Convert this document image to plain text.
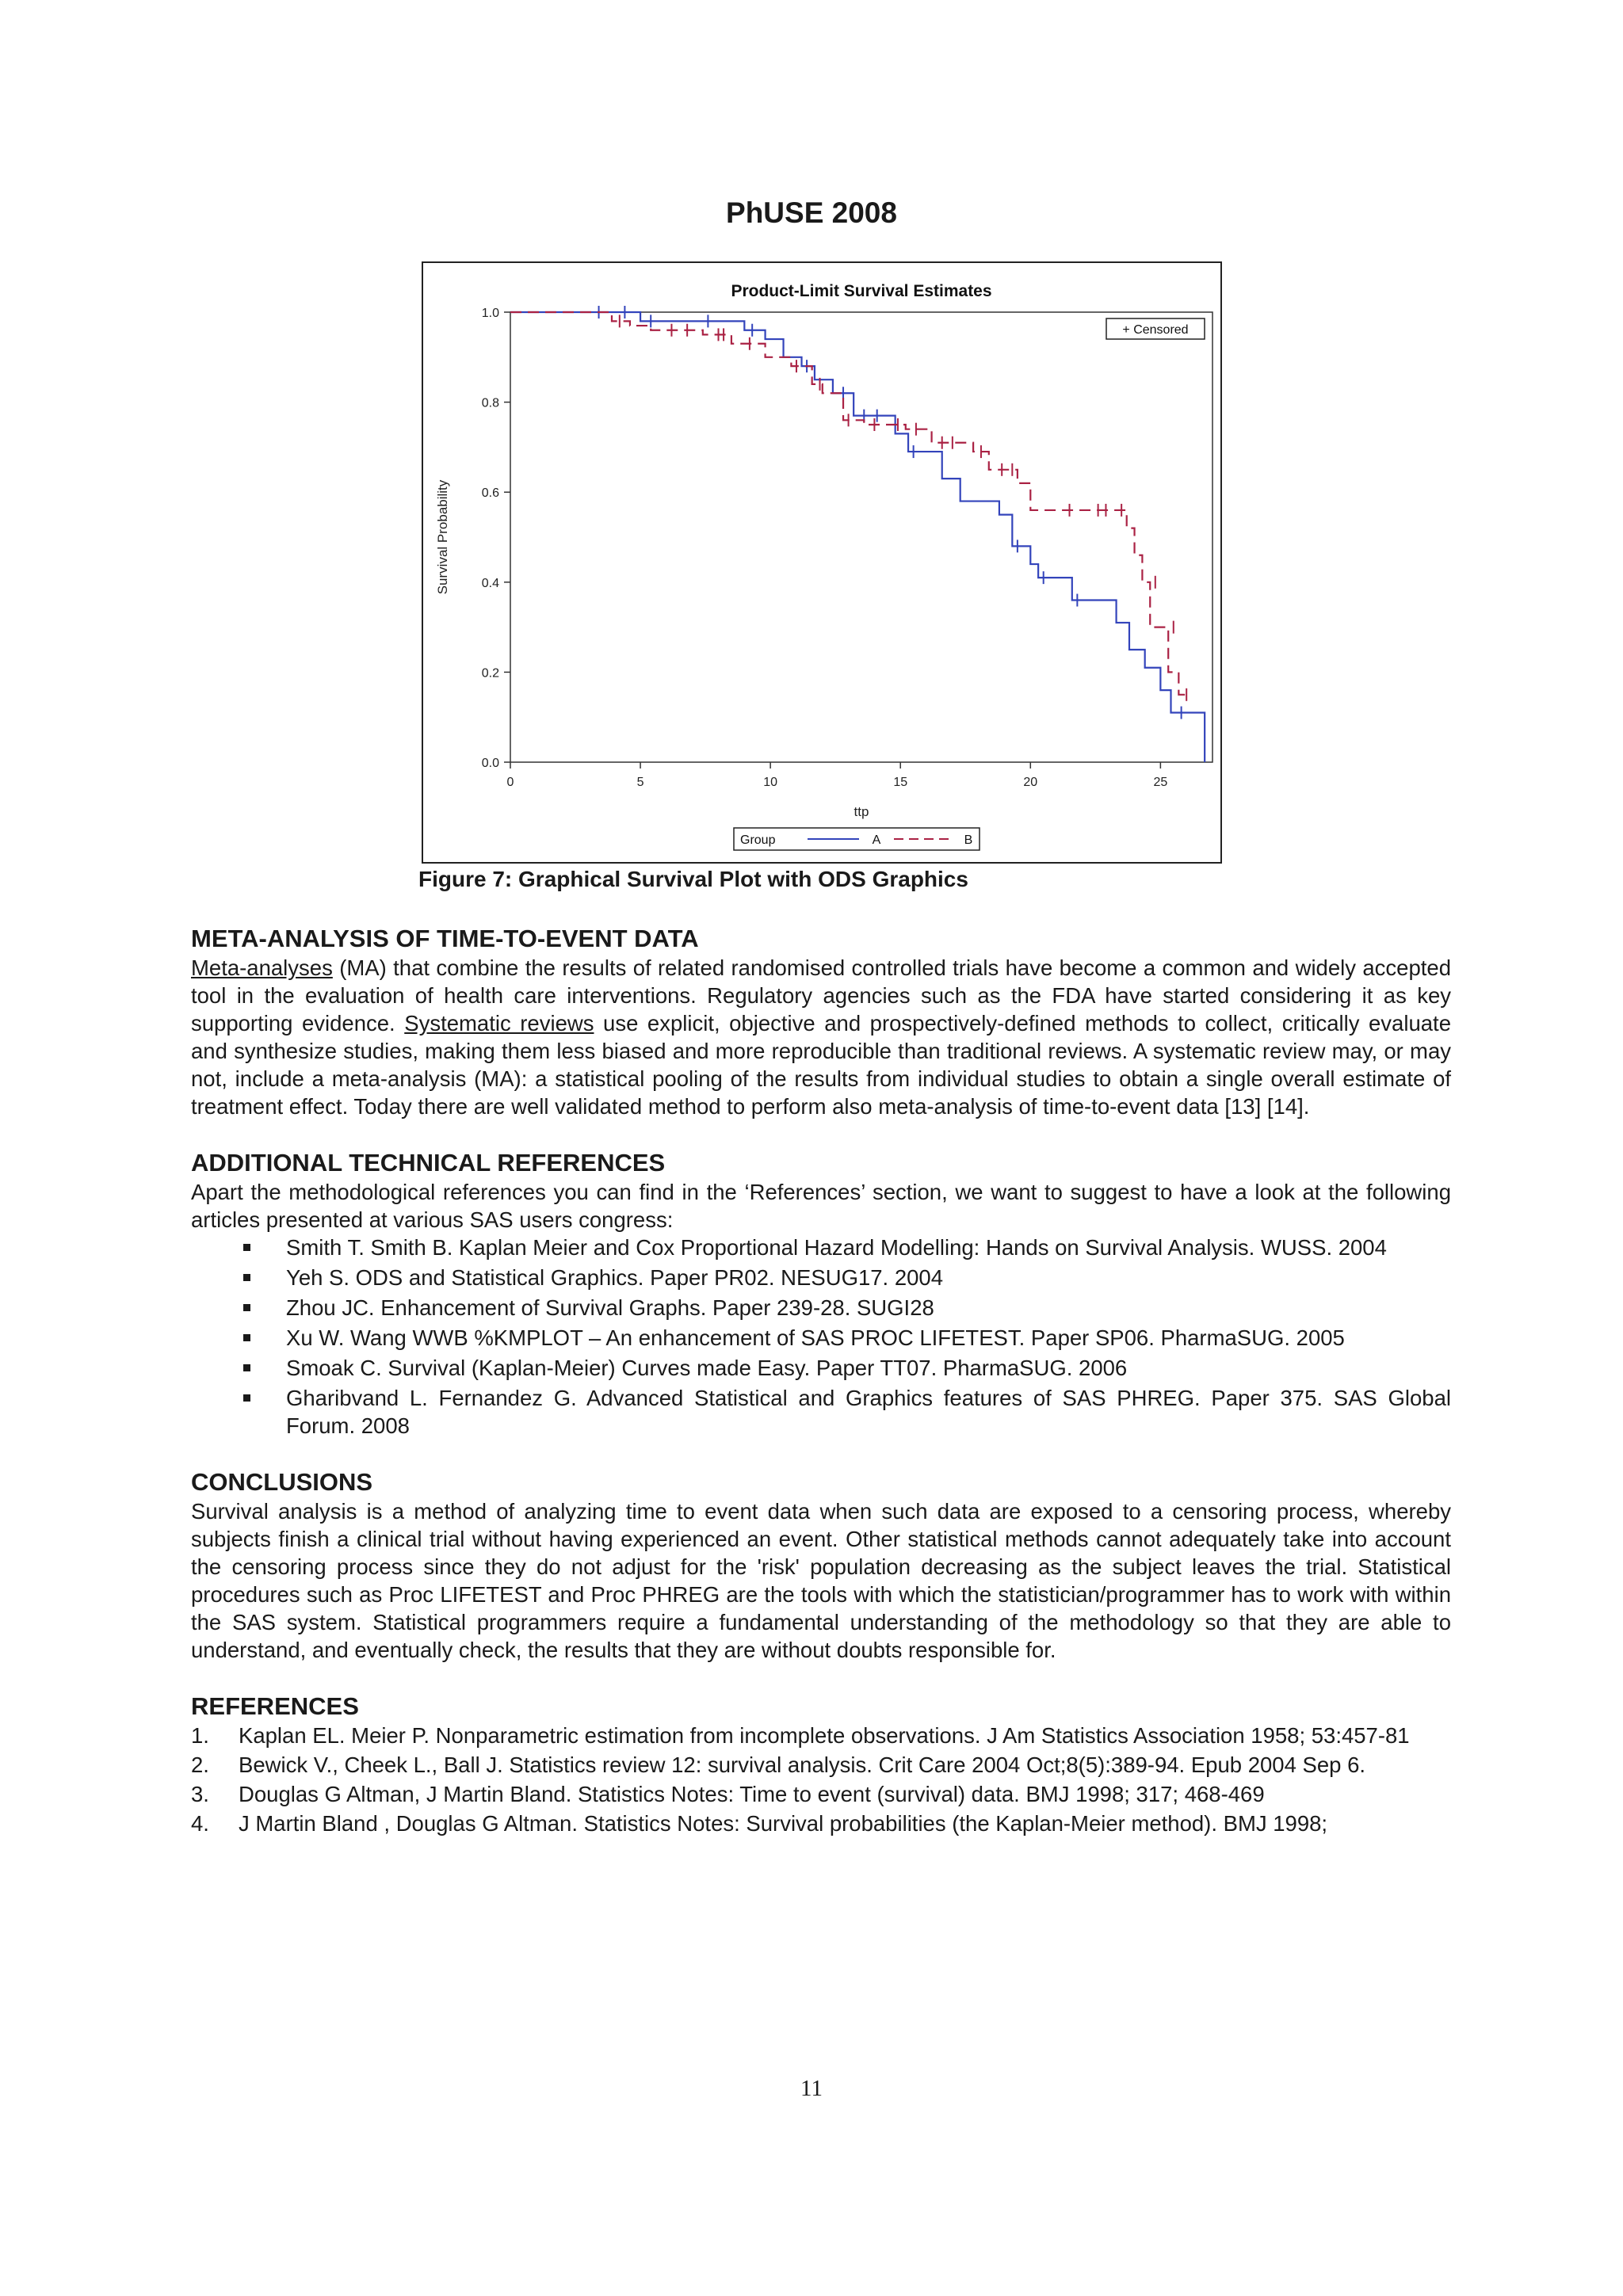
PhUSE 2008
Product-Limit Survival Estimates
0.0
0.2
0.4
0.6
0.8
1.0
0	5	10	15	20	25
ttp
Survival Probability
+ Censored
Group	A	B
Figure 7: Graphical Survival Plot with ODS Graphics
META-ANALYSIS OF TIME-TO-EVENT DATA

Meta-analyses (MA) that combine the results of related randomised controlled trials have become a common and widely accepted tool in the evaluation of health care interventions. Regulatory agencies such as the FDA have started considering it as key supporting evidence. Systematic reviews use explicit, objective and prospectively-defined methods to collect, critically evaluate and synthesize studies, making them less biased and more reproducible than traditional reviews. A systematic review may, or may not, include a meta-analysis (MA): a statistical pooling of the results from individual studies to obtain a single overall estimate of treatment effect. Today there are well validated method to perform also meta-analysis of time-to-event data [13] [14].

ADDITIONAL TECHNICAL REFERENCES

Apart the methodological references you can find in the ‘References’ section, we want to suggest to have a look at the following articles presented at various SAS users congress:

Smith T. Smith B. Kaplan Meier and Cox Proportional Hazard Modelling: Hands on Survival Analysis. WUSS. 2004
Yeh S. ODS and Statistical Graphics. Paper PR02. NESUG17. 2004
Zhou JC. Enhancement of Survival Graphs. Paper 239-28. SUGI28
Xu W. Wang WWB %KMPLOT – An enhancement of SAS PROC LIFETEST. Paper SP06. PharmaSUG. 2005
Smoak C. Survival (Kaplan-Meier) Curves made Easy. Paper TT07. PharmaSUG. 2006
Gharibvand L. Fernandez G. Advanced Statistical and Graphics features of SAS PHREG. Paper 375. SAS Global Forum. 2008
CONCLUSIONS

Survival analysis is a method of analyzing time to event data when such data are exposed to a censoring process, whereby subjects finish a clinical trial without having experienced an event. Other statistical methods cannot adequately take into account the censoring process since they do not adjust for the 'risk' population decreasing as the subject leaves the trial. Statistical procedures such as Proc LIFETEST and Proc PHREG are the tools with which the statistician/programmer has to work with within the SAS system. Statistical programmers require a fundamental understanding of the methodology so that they are able to understand, and eventually check, the results that they are without doubts responsible for.

REFERENCES
1. Kaplan EL. Meier P. Nonparametric estimation from incomplete observations. J Am Statistics Association 1958; 53:457-81
2. Bewick V., Cheek L., Ball J. Statistics review 12: survival analysis. Crit Care 2004 Oct;8(5):389-94. Epub 2004 Sep 6.
3. Douglas G Altman, J Martin Bland. Statistics Notes: Time to event (survival) data. BMJ 1998; 317; 468-469
4. J Martin Bland , Douglas G Altman. Statistics Notes: Survival probabilities (the Kaplan-Meier method). BMJ 1998;
11
